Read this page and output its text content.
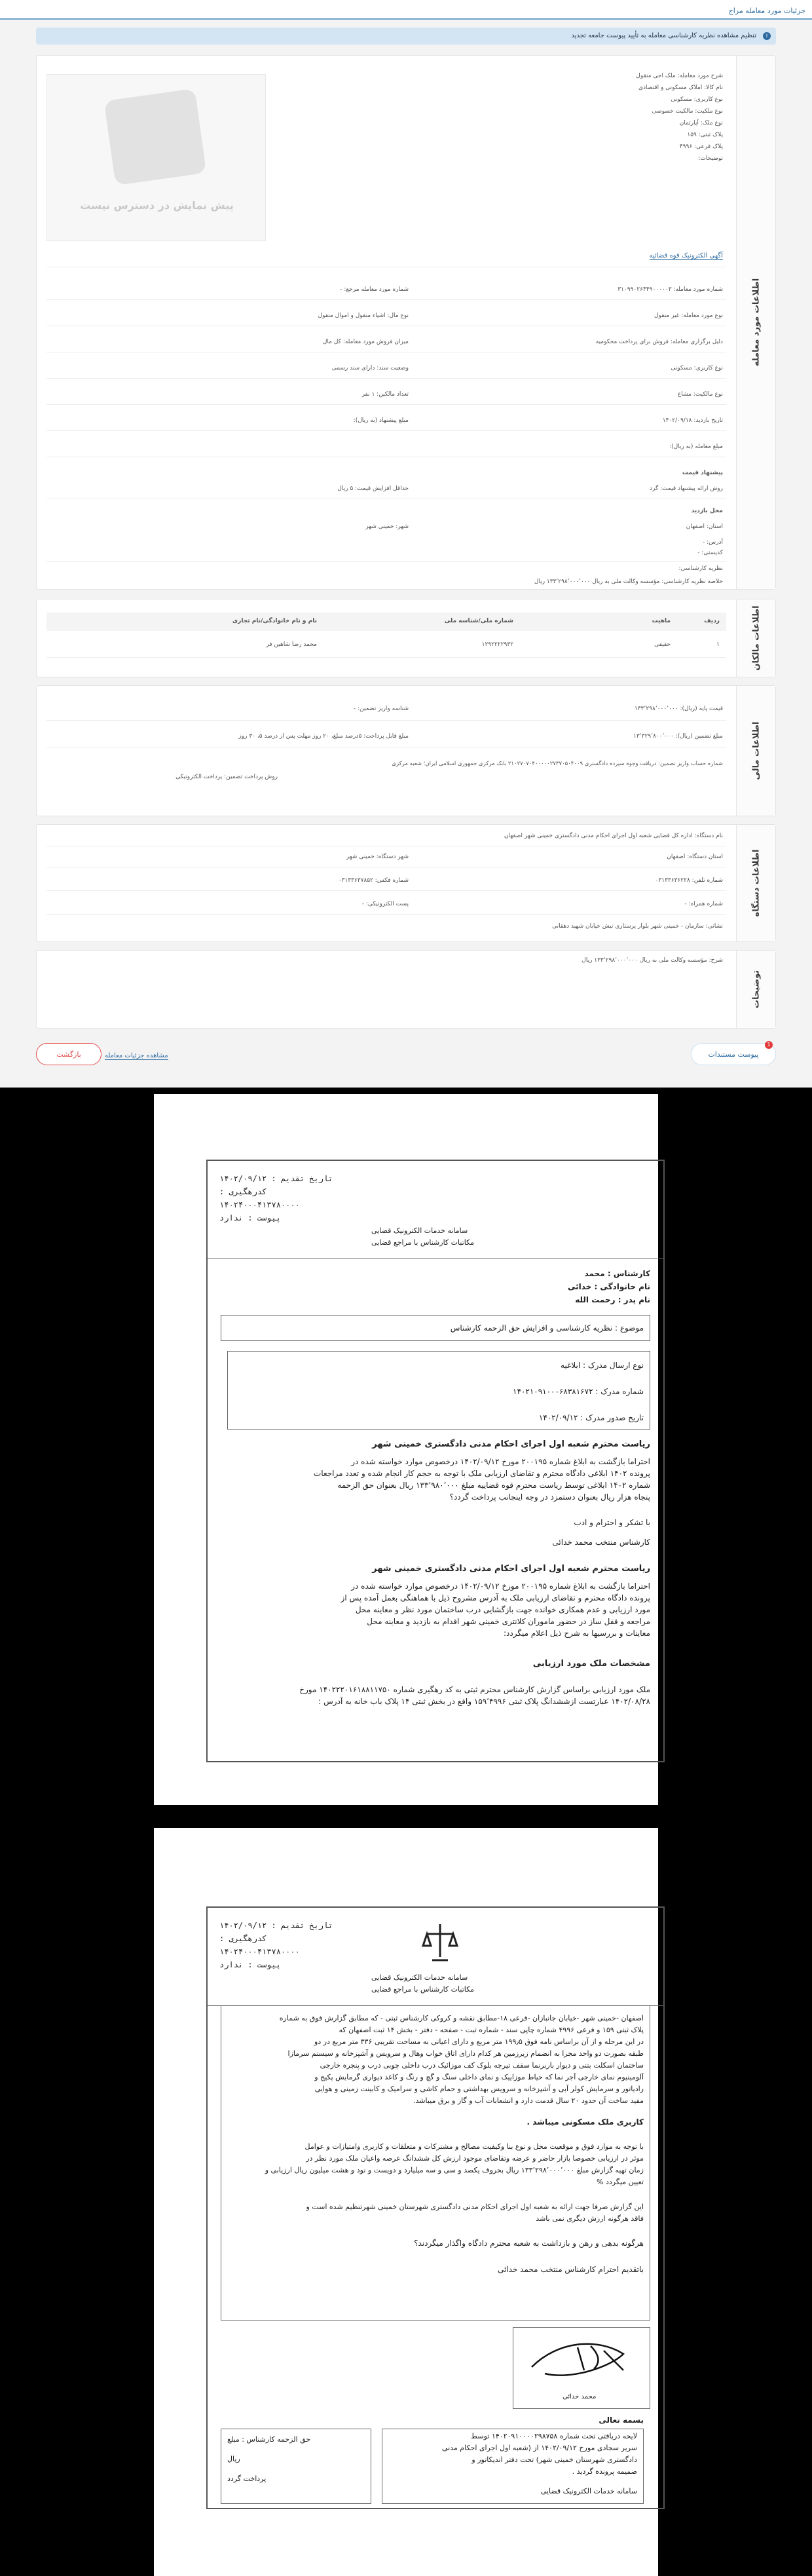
جزئیات مورد معامله مزاج
i
تنظیم مشاهده نظریه کارشناسی معامله به تأیید پیوست جامعه تجدید
اطلاعات مورد معامله
شرح مورد معامله: ملک اجی منقول
نام کالا: املاک مسکونی و اقتصادی
نوع کاربری: مسکونی
نوع ملکیت: مالکیت خصوصی
نوع ملک: آپارتمان
پلاک ثبتی: ۱۵۹
پلاک فرعی: ۴۹۹۶
توضیحات:
پیش نمایش در دسترس نیست
آگهی الکترونیک قوه قضائیه
شماره مورد معامله: ۳۱۰۹۹۰۲۶۴۴۹۰۰۰۰۰۳
شماره مورد معامله مرجع: -
نوع مورد معامله: غیر منقول
نوع مال: اشیاء منقول و اموال منقول
دلیل برگزاری معامله: فروش برای پرداخت محکومیه
میزان فروش مورد معامله: کل مال
نوع کاربری: مسکونی
وضعیت سند: دارای سند رسمی
نوع مالکیت: مشاع
تعداد مالکین: ۱ نفر
تاریخ بازدید: ۱۴۰۲/۰۹/۱۸
مبلغ پیشنهاد (به ریال):
مبلغ معامله (به ریال):
پیشنهاد قیمت
روش ارائه پیشنهاد قیمت: گرد
حداقل افزایش قیمت: ۵ ریال
محل بازدید
استان: اصفهان
شهر: خمینی شهر
آدرس: -
کدپستی: -
نظریه کارشناسی:
خلاصه نظریه کارشناسی: مؤسسه وکالت ملی به ریال ۱۳۳٬۲۹۸٬۰۰۰٬۰۰۰ ریال
اطلاعات مالکان
ردیف
ماهیت
شماره ملی/شناسه ملی
نام و نام خانوادگی/نام تجاری
۱
حقیقی
۱۲۹۲۲۲۲۹۳۲
محمد رضا شاهین فر
اطلاعات مالی
قیمت پایه (ریال): ۱۳۳٬۲۹۸٬۰۰۰٬۰۰۰
شناسه واریز تضمین: -
مبلغ تضمین (ریال): ۱۳٬۳۲۹٬۸۰۰٬۰۰۰
مبلغ قابل پرداخت: ۵درصد مبلغ، ۲۰ روز مهلت پس از درصد ۵، ۳۰ روز
شماره حساب واریز تضمین: دریافت وجوه سپرده دادگستری ۲۱۰۲۷۰۷۰۴۰۰۰۰۰۲۷۳۷۰۵۰۴۰۰۹ بانک مرکزی جمهوری اسلامی ایران؛ شعبه مرکزی
روش پرداخت تضمین: پرداخت الکترونیکی
اطلاعات دستگاه
نام دستگاه: اداره کل قضایی شعبه اول اجرای احکام مدنی دادگستری خمینی شهر اصفهان
استان دستگاه: اصفهان
شهر دستگاه: خمینی شهر
شماره تلفن: ۰۳۱۳۳۶۳۶۲۲۸
شماره فکس: ۰۳۱۳۳۶۳۷۸۵۲
شماره همراه: -
پست الکترونیکی: -
نشانی: سازمان - خمینی شهر بلوار پرستاری نبش خیابان شهید دهقانی
توضیحات
شرح: مؤسسه وکالت ملی به ریال ۱۳۳٬۲۹۸٬۰۰۰٬۰۰۰ ریال
پیوست مستندات
1
مشاهده جزئیات معامله
بازگشت
تاریخ تقدیم : ۱۴۰۲/۰۹/۱۲
کدرهگیری :
۱۴۰۲۴۰۰۰۴۱۳۷۸۰۰۰۰
پیوست : ندارد
سامانه خدمات الکترونیک قضایی
مکاتبات کارشناس با مراجع قضایی
کارشناس : محمد
نام خانوادگی : خدائی
نام پدر : رحمت الله
موضوع : نظریه کارشناسی و افزایش حق الزحمه کارشناس
نوع ارسال مدرک : ابلاغیه
شماره مدرک : ۱۴۰۲۱۰۹۱۰۰۰۶۸۳۸۱۶۷۲
تاریخ صدور مدرک : ۱۴۰۲/۰۹/۱۲
ریاست محترم شعبه اول اجرای احکام مدنی دادگستری خمینی شهر
احتراما بازگشت به ابلاغ شماره ۲۰۰۱۹۵ مورخ ۱۴۰۲/۰۹/۱۲ درخصوص موارد خواسته شده در
پرونده ۱۴۰۲ ابلاغی دادگاه محترم و تقاضای ارزیابی ملک با توجه به حجم کار انجام شده و تعدد مراجعات
شماره ۱۴۰۲ ابلاغی توسط ریاست محترم قوه قضاییه مبلغ ۱۳۳٬۹۸۰٬۰۰۰ ریال بعنوان حق الزحمه
پنجاه هزار ریال بعنوان دستمزد در وجه اینجانب پرداخت گردد؟
با تشکر و احترام و ادب
کارشناس منتخب محمد خدائی
ریاست محترم شعبه اول اجرای احکام مدنی دادگستری خمینی شهر
احتراما بازگشت به ابلاغ شماره ۲۰۰۱۹۵ مورخ ۱۴۰۲/۰۹/۱۲ درخصوص موارد خواسته شده در
پرونده دادگاه محترم و تقاضای ارزیابی ملک به آدرس مشروح ذیل با هماهنگی بعمل آمده پس از
مورد ارزیابی و عدم همکاری خوانده جهت بازگشایی درب ساختمان مورد نظر و معاینه محل
مراجعه و قفل ساز در حضور ماموران کلانتری خمینی شهر اقدام به بازدید و معاینه محل
معاینات و بررسیها به شرح ذیل اعلام میگردد:
مشخصات ملک مورد ارزیابی
ملک مورد ارزیابی براساس گزارش کارشناس محترم ثبتی به کد رهگیری شماره ۱۴۰۲۲۲۰۱۶۱۸۸۱۱۷۵۰ مورخ
۱۴۰۲/۰۸/۲۸ عبارتست ازششدانگ پلاک ثبتی ۱۵۹٬۴۹۹۶ واقع در بخش ثبتی ۱۴ پلاک باب خانه به آدرس :
تاریخ تقدیم : ۱۴۰۲/۰۹/۱۲
کدرهگیری :
۱۴۰۲۴۰۰۰۴۱۳۷۸۰۰۰۰
پیوست : ندارد
سامانه خدمات الکترونیک قضایی
مکاتبات کارشناس با مراجع قضایی
اصفهان -خمینی شهر -خیابان جانبازان -فرعی ۱۸-مطابق نقشه و کروکی کارشناس ثبتی - که مطابق گزارش فوق به شماره
پلاک ثبتی ۱۵۹ و فرعی ۴۹۹۶ شماره چاپی سند - شماره ثبت - صفحه - دفتر - بخش ۱۴ ثبت اصفهان که
در این مرحله و از آن براساس نامه فوق ۱۹۹٫۵ متر مربع و دارای اعیانی به مساحت تقریبی ۳۳۶ متر مربع در دو
طبقه بصورت دو واحد مجزا به انضمام زیرزمین هر کدام دارای اتاق خواب وهال و سرویس و آشپزخانه و سیستم سرمازا
ساختمان اسکلت بتنی و دیوار باربرنما سقف تیرچه بلوک کف موزائیک درب داخلی چوبی درب و پنجره خارجی
آلومینیوم نمای خارجی آجر نما که حیاط موزاییک و نمای داخلی سنگ و گچ و رنگ و کاغذ دیواری گرمایش پکیج و
رادیاتور و سرمایش کولر آبی و آشپزخانه و سرویس بهداشتی و حمام کاشی و سرامیک و کابینت زمینی و هوایی
مفید ساخت آن حدود ۲۰ سال قدمت دارد و انشعابات آب و گاز و برق میباشد.
کاربری ملک مسکونی میباشد .
با توجه به موارد فوق و موقعیت محل و نوع بنا وکیفیت مصالح و مشترکات و متعلقات و کاربری وامتیازات و عوامل
موثر در ارزیابی خصوصا بازار حاضر و عرضه وتقاضای موجود ارزش کل ششدانگ عرصه واعیان ملک مورد نظر در
زمان تهیه گزارش مبلغ ۱۳۳٬۲۹۸٬۰۰۰٬۰۰۰ ریال بحروف یکصد و سی و سه میلیارد و دویست و نود و هشت میلیون ریال ارزیابی و
تعیین میگردد %
این گزارش صرفا جهت ارائه به شعبه اول اجرای احکام مدنی دادگستری شهرستان خمینی شهرتنظیم شده است و
فاقد هرگونه ارزش دیگری نمی باشد
هرگونه بدهی و رهن و بازداشت به شعبه محترم دادگاه واگذار میگردند؟
باتقدیم احترام کارشناس منتخب محمد خدائی
محمد خدائی
بسمه تعالی
لایحه دریافتی تحت شماره ۱۴۰۲۰۹۱۰۰۰۰۲۹۸۷۵۸ توسط
سریر سجادی مورخ ۱۴۰۲/۰۹/۱۲ از (شعبه اول اجرای احکام مدنی
دادگستری شهرستان خمینی شهر) تحت دفتر اندیکاتور و
ضمیمه پرونده گردید .
سامانه خدمات الکترونیک قضایی
حق الزحمه کارشناس : مبلغ
ریال
پرداخت گردد
